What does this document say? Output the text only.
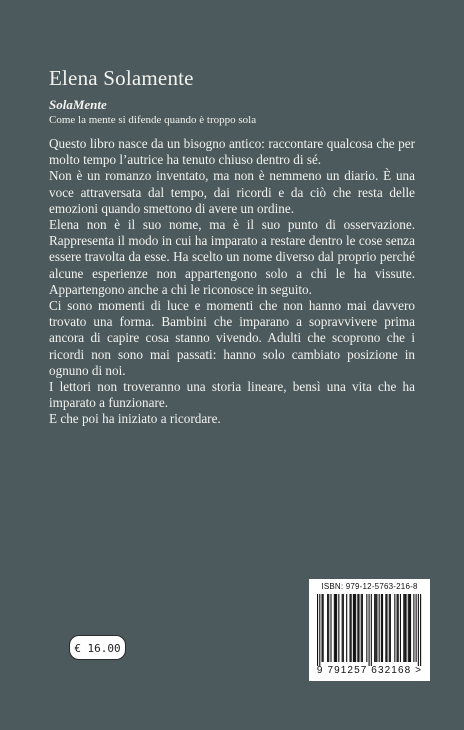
Elena Solamente
SolaMente
Come la mente si difende quando è troppo sola

Questo libro nasce da un bisogno antico: raccontare qualcosa che per molto tempo l’autrice ha tenuto chiuso dentro di sé.

Non è un romanzo inventato, ma non è nemmeno un diario. È una voce attraversata dal tempo, dai ricordi e da ciò che resta delle emozioni quando smettono di avere un ordine.

Elena non è il suo nome, ma è il suo punto di osservazione. Rappresenta il modo in cui ha imparato a restare dentro le cose senza essere travolta da esse. Ha scelto un nome diverso dal proprio perché alcune esperienze non appartengono solo a chi le ha vissute. Appartengono anche a chi le riconosce in seguito.

Ci sono momenti di luce e momenti che non hanno mai davvero trovato una forma. Bambini che imparano a sopravvivere prima ancora di capire cosa stanno vivendo. Adulti che scoprono che i ricordi non sono mai passati: hanno solo cambiato posizione in ognuno di noi.

I lettori non troveranno una storia lineare, bensì una vita che ha imparato a funzionare.

E che poi ha iniziato a ricordare.

€ 16.00
ISBN: 979-12-5763-216-8
9 791257 632168 >
